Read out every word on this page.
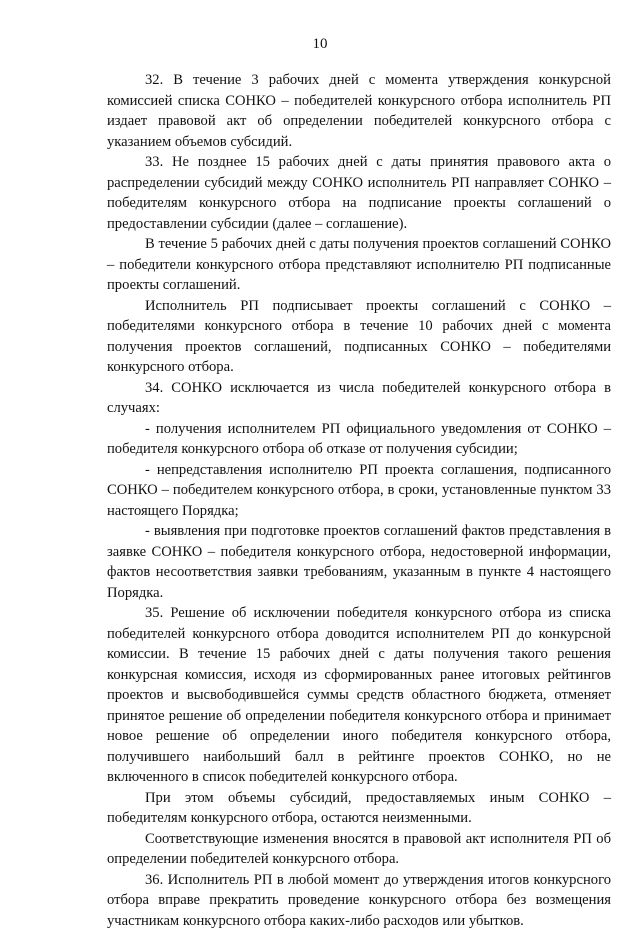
10

32. В течение 3 рабочих дней с момента утверждения конкурсной комиссией списка СОНКО – победителей конкурсного отбора исполнитель РП издает правовой акт об определении победителей конкурсного отбора с указанием объемов субсидий.

33. Не позднее 15 рабочих дней с даты принятия правового акта о распределении субсидий между СОНКО исполнитель РП направляет СОНКО – победителям конкурсного отбора на подписание проекты соглашений о предоставлении субсидии (далее – соглашение).

В течение 5 рабочих дней с даты получения проектов соглашений СОНКО – победители конкурсного отбора представляют исполнителю РП подписанные проекты соглашений.

Исполнитель РП подписывает проекты соглашений с СОНКО – победителями конкурсного отбора в течение 10 рабочих дней с момента получения проектов соглашений, подписанных СОНКО – победителями конкурсного отбора.

34. СОНКО исключается из числа победителей конкурсного отбора в случаях:

- получения исполнителем РП официального уведомления от СОНКО – победителя конкурсного отбора об отказе от получения субсидии;

- непредставления исполнителю РП проекта соглашения, подписанного СОНКО – победителем конкурсного отбора, в сроки, установленные пунктом 33 настоящего Порядка;

- выявления при подготовке проектов соглашений фактов представления в заявке СОНКО – победителя конкурсного отбора, недостоверной информации, фактов несоответствия заявки требованиям, указанным в пункте 4 настоящего Порядка.

35. Решение об исключении победителя конкурсного отбора из списка победителей конкурсного отбора доводится исполнителем РП до конкурсной комиссии. В течение 15 рабочих дней с даты получения такого решения конкурсная комиссия, исходя из сформированных ранее итоговых рейтингов проектов и высвободившейся суммы средств областного бюджета, отменяет принятое решение об определении победителя конкурсного отбора и принимает новое решение об определении иного победителя конкурсного отбора, получившего наибольший балл в рейтинге проектов СОНКО, но не включенного в список победителей конкурсного отбора.

При этом объемы субсидий, предоставляемых иным СОНКО – победителям конкурсного отбора, остаются неизменными.

Соответствующие изменения вносятся в правовой акт исполнителя РП об определении победителей конкурсного отбора.

36. Исполнитель РП в любой момент до утверждения итогов конкурсного отбора вправе прекратить проведение конкурсного отбора без возмещения участникам конкурсного отбора каких-либо расходов или убытков.
